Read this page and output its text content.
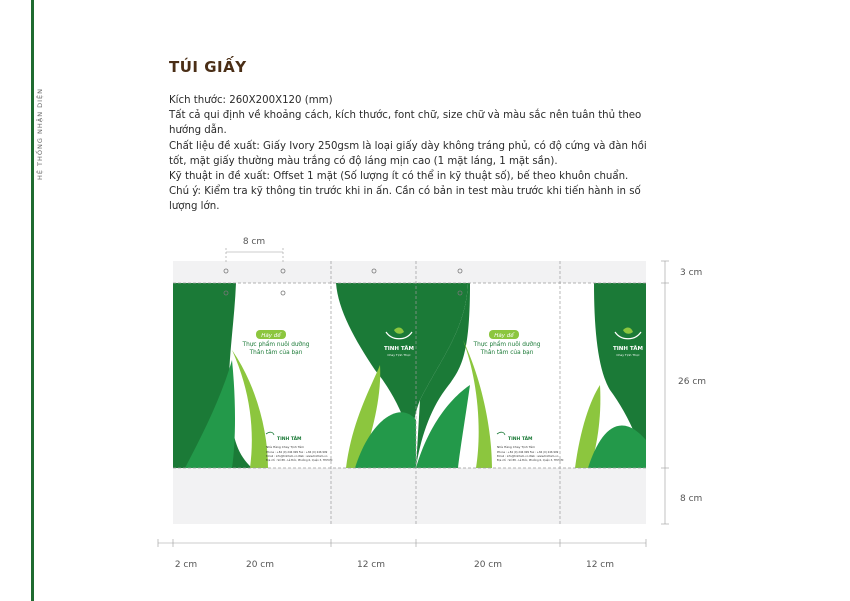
HỆ THỐNG NHẬN DIỆN
TÚI GIẤY
Kích thước: 260X200X120 (mm)
Tất cả qui định về khoảng cách, kích thước, font chữ, size chữ và màu sắc nên tuân thủ theo hướng dẫn.
Chất liệu đề xuất: Giấy Ivory 250gsm là loại giấy dày không tráng phủ, có độ cứng và đàn hồi tốt, mặt giấy thường màu trắng có độ láng mịn cao (1 mặt láng, 1 mặt sần).
Kỹ thuật in đề xuất: Offset 1 mặt (Số lượng ít có thể in kỹ thuật số), bế theo khuôn chuẩn.
Chú ý: Kiểm tra kỹ thông tin trước khi in ấn. Cần có bản in test màu trước khi tiến hành in số lượng lớn.
Hãy để
Thực phẩm nuôi dưỡng
Thân tâm của bạn
Hãy để
Thực phẩm nuôi dưỡng
Thân tâm của bạn
TINH TÂM
Chay Tịnh Thực
TINH TÂM
Chay Tịnh Thực
TINH TÂM
Nhà Hàng Chay Tịnh Tâm
Phone : +84 (0) 246 999 Fax : +84 (0) 246 999
Email : info@tinhtam.vn Web : www.tinhtam.vn
Địa chỉ : Số 88 - Lê Đức, Phường 6, Quận 3, TP.HCM
TINH TÂM
Nhà Hàng Chay Tịnh Tâm
Phone : +84 (0) 246 999 Fax : +84 (0) 246 999
Email : info@tinhtam.vn Web : www.tinhtam.vn
Địa chỉ : Số 88 - Lê Đức, Phường 6, Quận 3, TP.HCM
8 cm
3 cm
26 cm
8 cm
2 cm	20 cm	12 cm	20 cm	12 cm
